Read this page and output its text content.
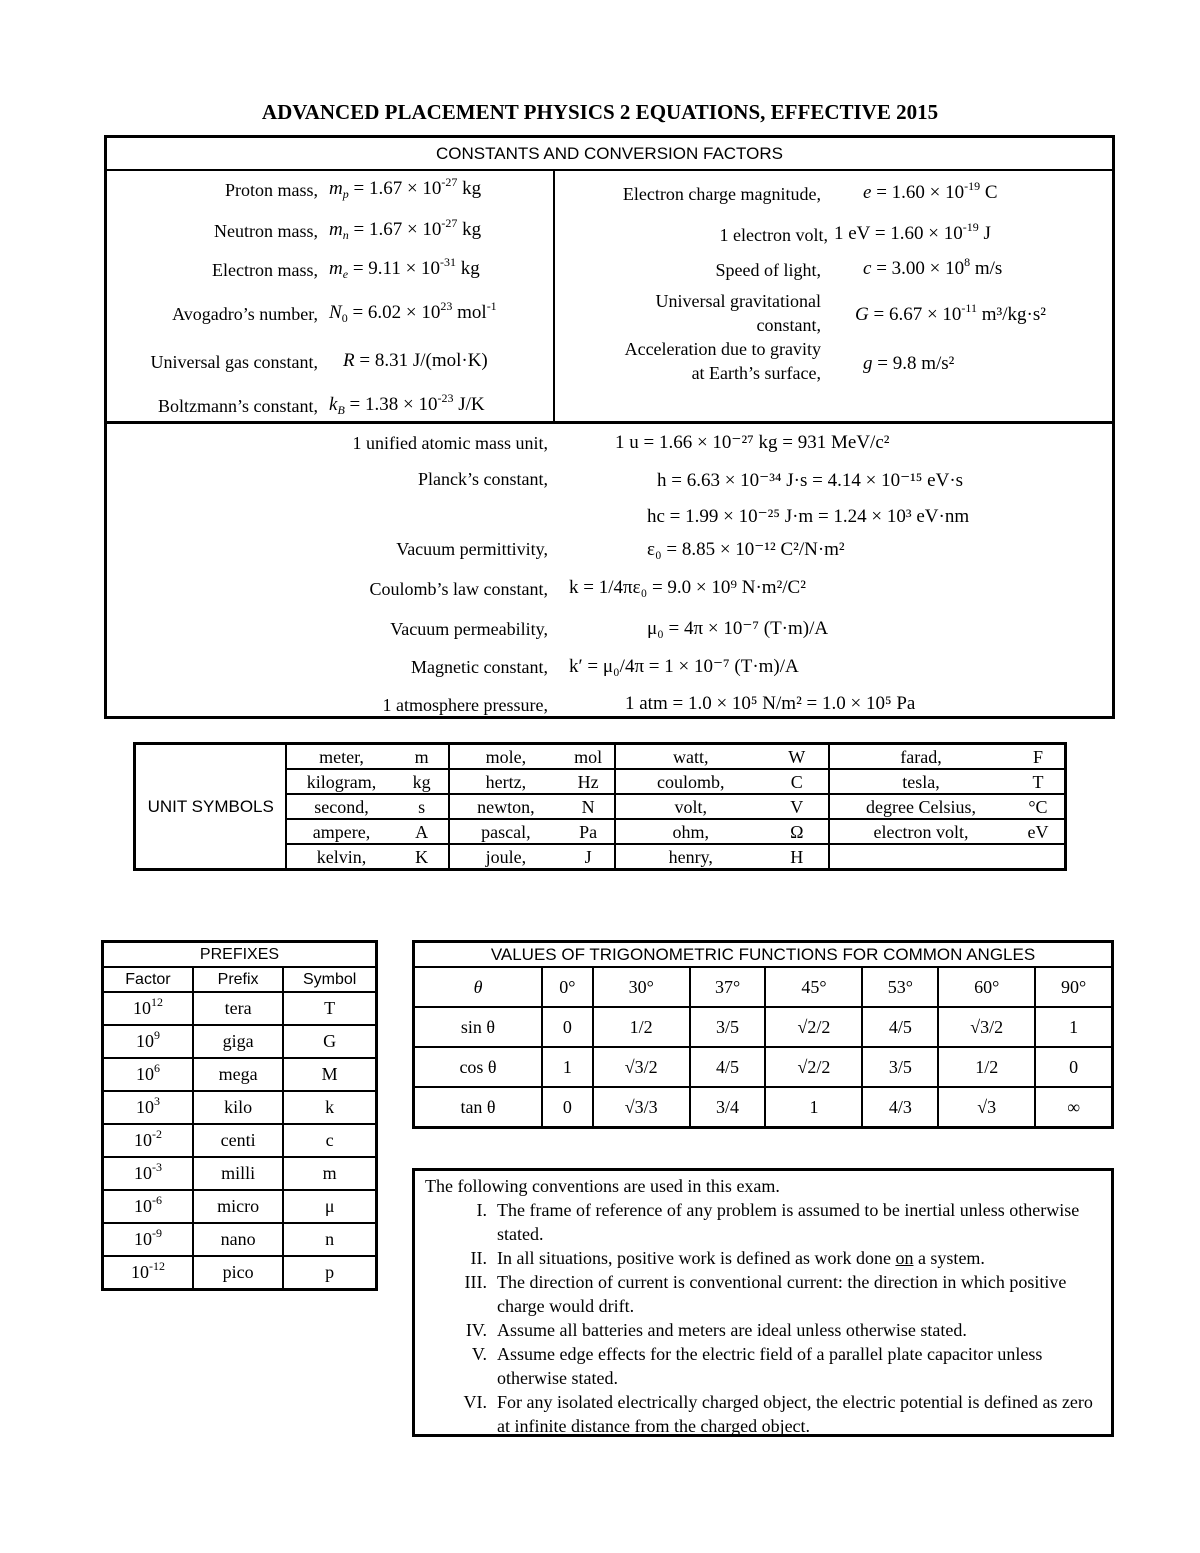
ADVANCED PLACEMENT PHYSICS 2 EQUATIONS, EFFECTIVE 2015
CONSTANTS AND CONVERSION FACTORS
Proton mass, $m_p = 1.67 \times 10^{-27}$ kg
Neutron mass, $m_n = 1.67 \times 10^{-27}$ kg
Electron mass, $m_e = 9.11 \times 10^{-31}$ kg
Avogadro’s number, $N_0 = 6.02 \times 10^{23}$ mol$^{-1}$
Universal gas constant, R = 8.31 J/(mol·K)
Boltzmann’s constant, $k_B = 1.38 \times 10^{-23}$ J/K
Electron charge magnitude, $e = 1.60 \times 10^{-19}$ C
1 electron volt, 1 eV = $1.60 \times 10^{-19}$ J
Speed of light, $c = 3.00 \times 10^8$ m/s
Universal gravitational
constant, $G = 6.67 \times 10^{-11}$ m³/kg·s²
Acceleration due to gravity
at Earth’s surface, g = 9.8 m/s²
1 unified atomic mass unit,	1 u = 1.66 × 10⁻²⁷ kg = 931 MeV/c²
Planck’s constant,	h = 6.63 × 10⁻³⁴ J·s = 4.14 × 10⁻¹⁵ eV·s
hc = 1.99 × 10⁻²⁵ J·m = 1.24 × 10³ eV·nm
Vacuum permittivity,	ε₀ = 8.85 × 10⁻¹² C²/N·m²
Coulomb’s law constant, k = 1/4πε₀ = 9.0 × 10⁹ N·m²/C²
Vacuum permeability,	μ₀ = 4π × 10⁻⁷ (T·m)/A
Magnetic constant, k′ = μ₀/4π = 1 × 10⁻⁷ (T·m)/A
1 atmosphere pressure,	1 atm = 1.0 × 10⁵ N/m² = 1.0 × 10⁵ Pa
UNIT SYMBOLS	meter,	m	mole,	mol	watt,	W	farad,	F
	kilogram,	kg	hertz,	Hz	coulomb,	C	tesla,	T
	second,	s	newton,	N	volt,	V	degree Celsius,	°C
	ampere,	A	pascal,	Pa	ohm,	Ω	electron volt,	eV
	kelvin,	K	joule,	J	henry,	H		
PREFIXES		
Factor	Prefix	Symbol
$10^{12}$	tera	T
$10^9$	giga	G
$10^6$	mega	M
$10^3$	kilo	k
$10^{-2}$	centi	c
$10^{-3}$	milli	m
$10^{-6}$	micro	μ
$10^{-9}$	nano	n
$10^{-12}$	pico	p
VALUES OF TRIGONOMETRIC FUNCTIONS FOR COMMON ANGLES							
θ	0°	30°	37°	45°	53°	60°	90°
sin θ	0	1/2	3/5	√2/2	4/5	√3/2	1
cos θ	1	√3/2	4/5	√2/2	3/5	1/2	0
tan θ	0	√3/3	3/4	1	4/3	√3	∞
The following conventions are used in this exam.
I. The frame of reference of any problem is assumed to be inertial unless otherwise stated.
II. In all situations, positive work is defined as work done on a system.
III. The direction of current is conventional current: the direction in which positive charge would drift.
IV. Assume all batteries and meters are ideal unless otherwise stated.
V. Assume edge effects for the electric field of a parallel plate capacitor unless otherwise stated.
VI. For any isolated electrically charged object, the electric potential is defined as zero at infinite distance from the charged object.
